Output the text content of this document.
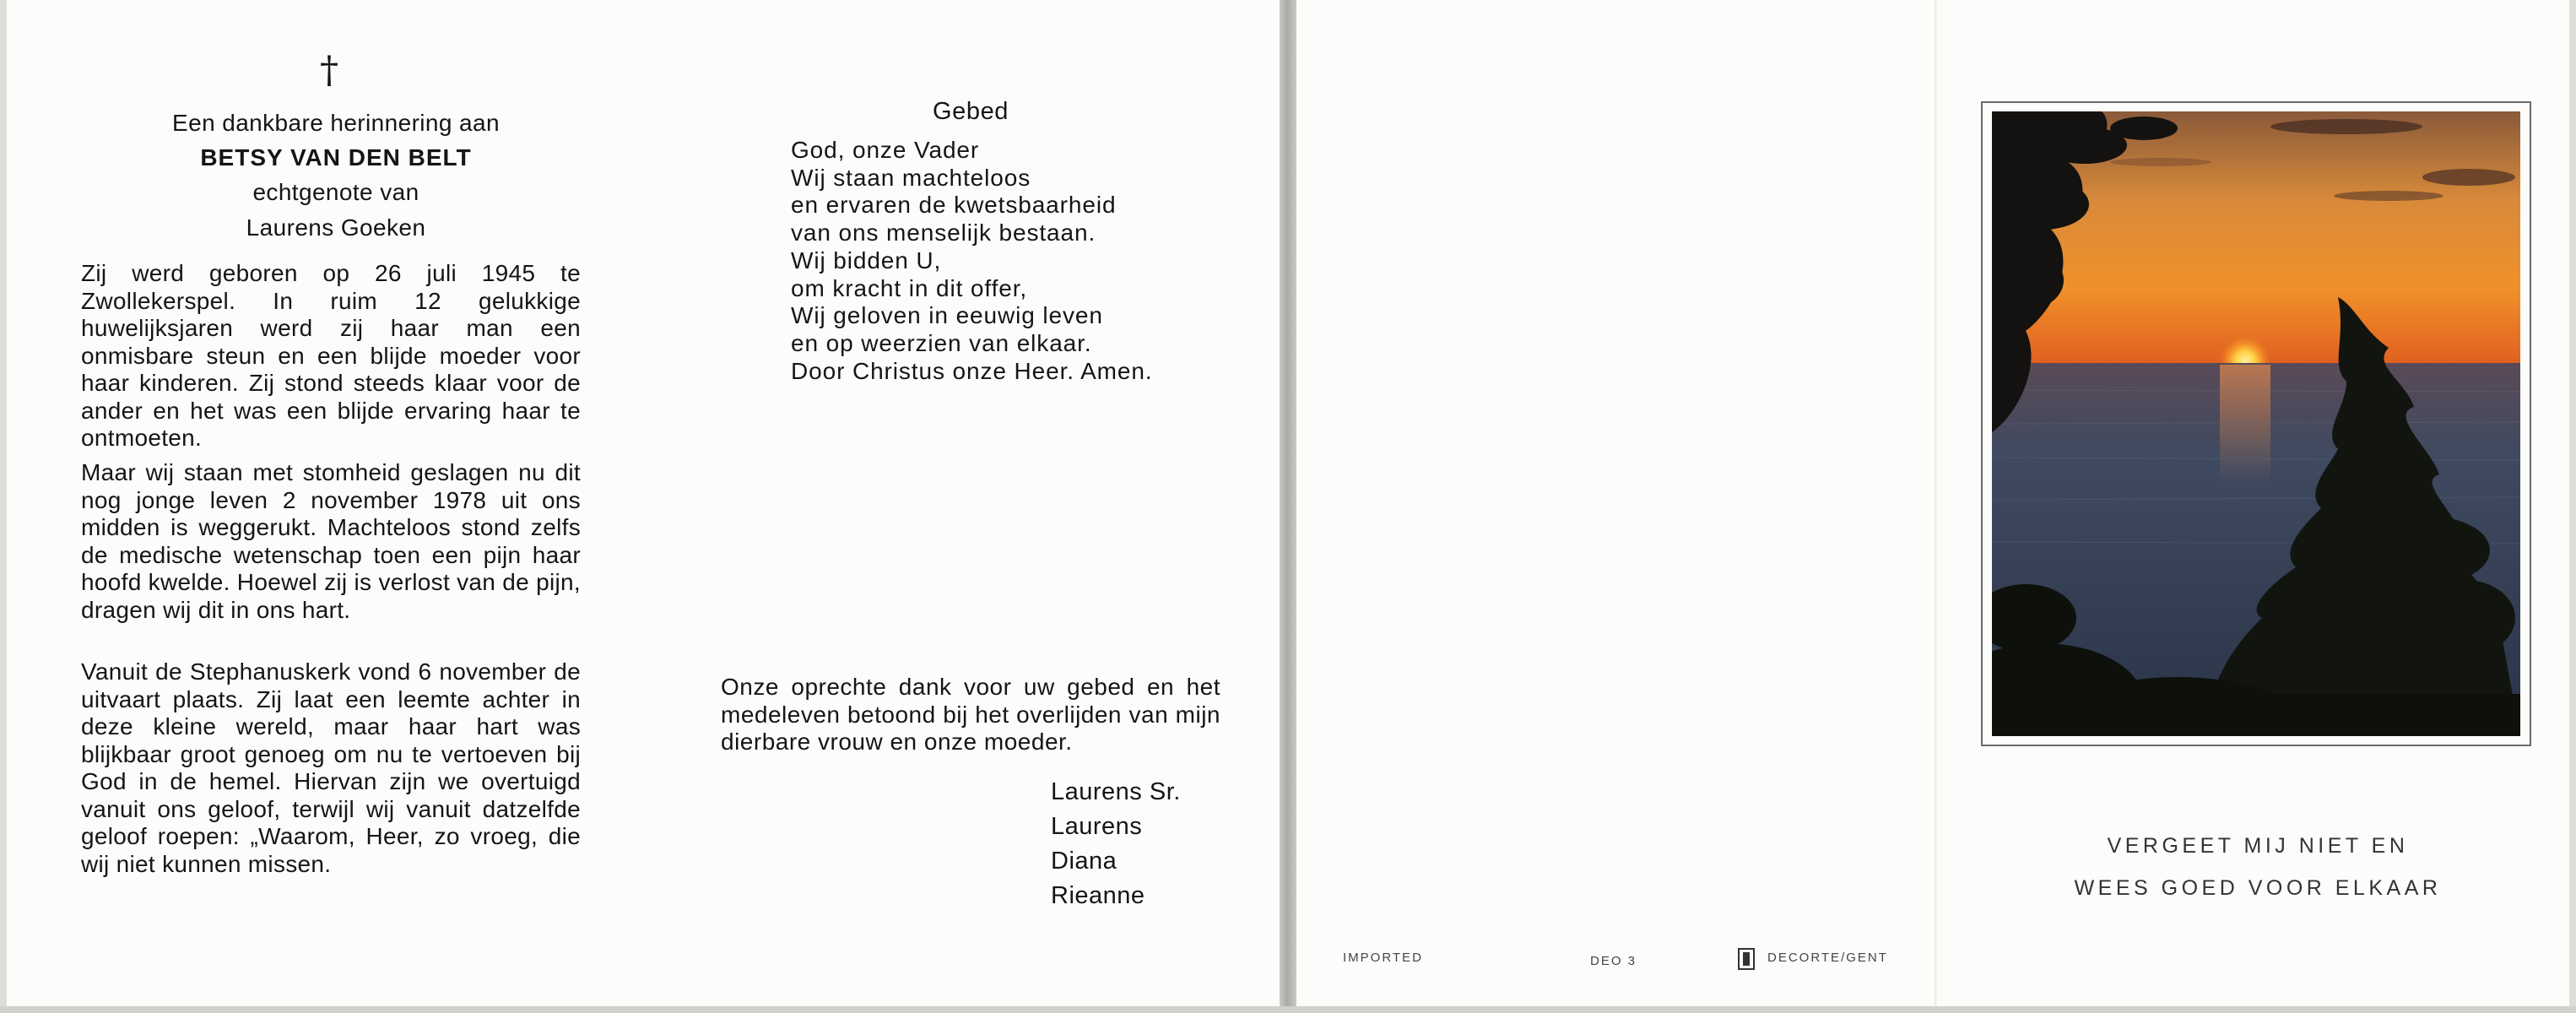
†
Een dankbare herinnering aan
BETSY VAN DEN BELT
echtgenote van
Laurens Goeken

Zij werd geboren op 26 juli 1945 te Zwollekerspel. In ruim 12 gelukkige huwelijksjaren werd zij haar man een onmisbare steun en een blijde moeder voor haar kinderen. Zij stond steeds klaar voor de ander en het was een blijde ervaring haar te ontmoeten.

Maar wij staan met stomheid geslagen nu dit nog jonge leven 2 november 1978 uit ons midden is weggerukt. Machteloos stond zelfs de medische wetenschap toen een pijn haar hoofd kwelde. Hoewel zij is verlost van de pijn, dragen wij dit in ons hart.

Vanuit de Stephanuskerk vond 6 november de uitvaart plaats. Zij laat een leemte achter in deze kleine wereld, maar haar hart was blijkbaar groot genoeg om nu te vertoeven bij God in de hemel. Hiervan zijn we overtuigd vanuit ons geloof, terwijl wij vanuit datzelfde geloof roepen: „Waarom, Heer, zo vroeg, die wij niet kunnen missen.

Gebed
God, onze Vader
Wij staan machteloos
en ervaren de kwetsbaarheid
van ons menselijk bestaan.
Wij bidden U,
om kracht in dit offer,
Wij geloven in eeuwig leven
en op weerzien van elkaar.
Door Christus onze Heer. Amen.

Onze oprechte dank voor uw gebed en het medeleven betoond bij het overlijden van mijn dierbare vrouw en onze moeder.

Laurens Sr.
Laurens
Diana
Rieanne
IMPORTED	DEO 3	DECORTE/GENT
VERGEET MIJ NIET EN
WEES GOED VOOR ELKAAR
